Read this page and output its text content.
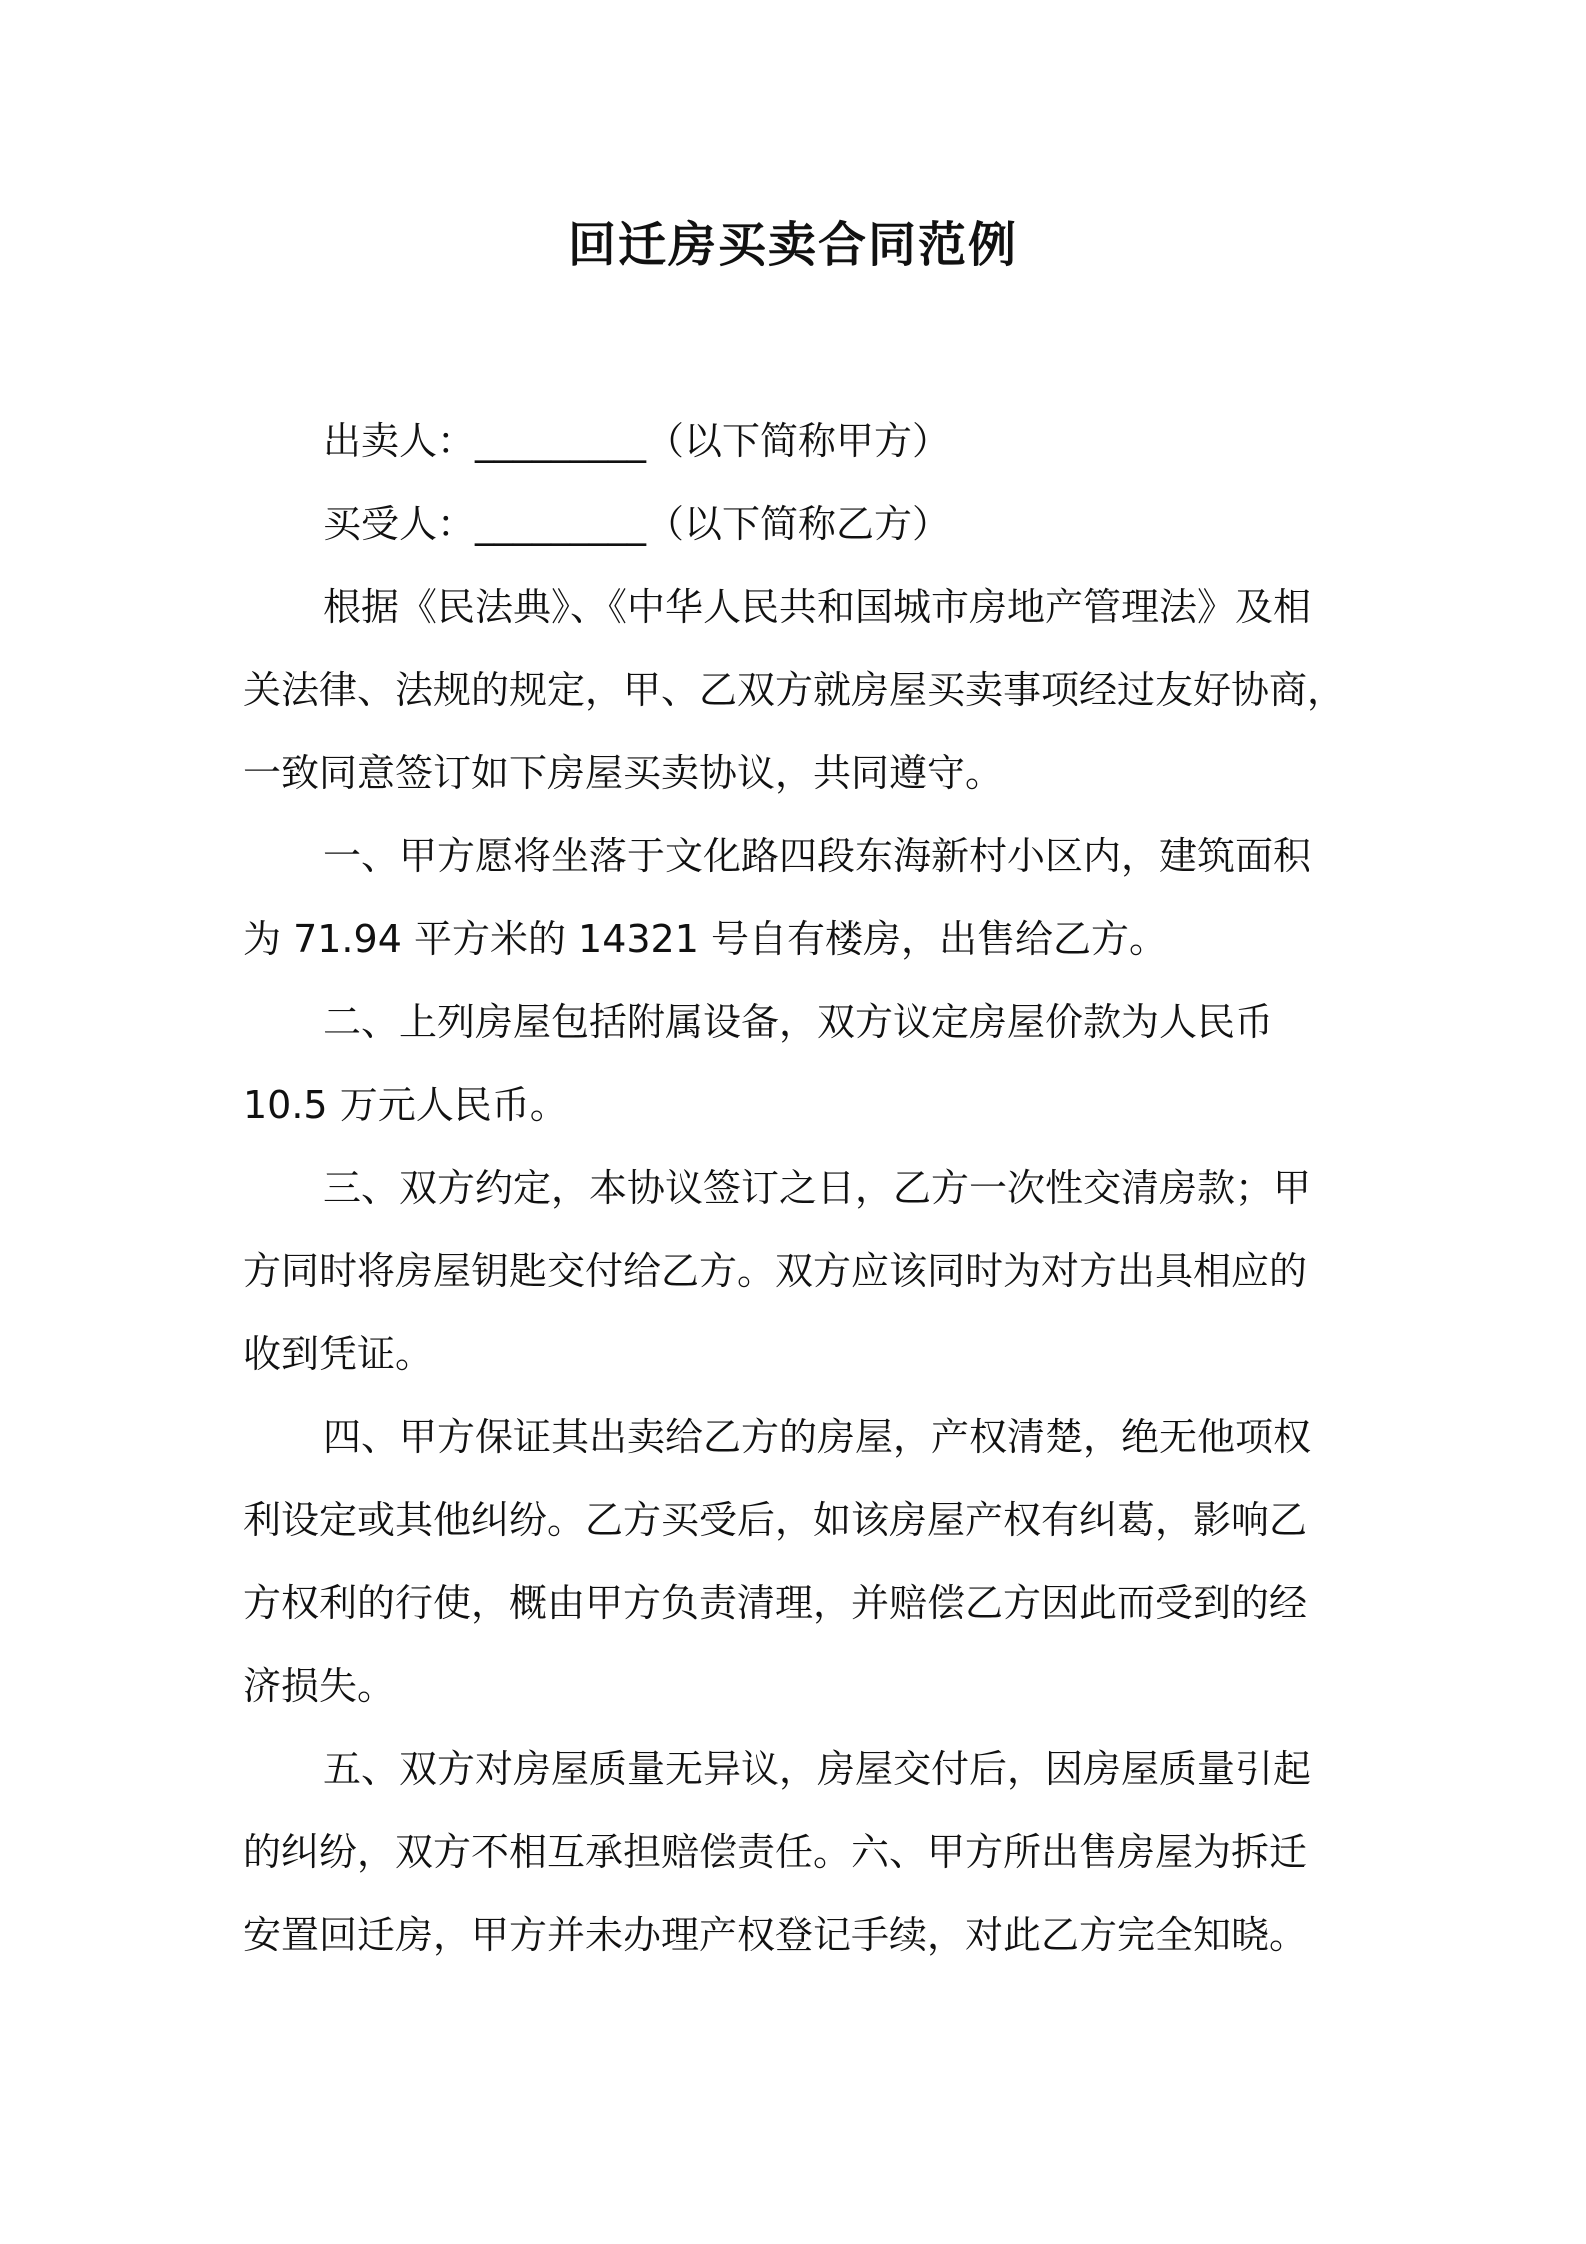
回迁房买卖合同范例
出卖人：_________（以下简称甲方）
买受人：_________（以下简称乙方）
根据《民法典》、《中华人民共和国城市房地产管理法》及相
关法律、法规的规定，甲、乙双方就房屋买卖事项经过友好协商，
一致同意签订如下房屋买卖协议，共同遵守。
一、甲方愿将坐落于文化路四段东海新村小区内，建筑面积
为 71.94 平方米的 14321 号自有楼房，出售给乙方。
二、上列房屋包括附属设备，双方议定房屋价款为人民币
10.5 万元人民币。
三、双方约定，本协议签订之日，乙方一次性交清房款；甲
方同时将房屋钥匙交付给乙方。双方应该同时为对方出具相应的
收到凭证。
四、甲方保证其出卖给乙方的房屋，产权清楚，绝无他项权
利设定或其他纠纷。乙方买受后，如该房屋产权有纠葛，影响乙
方权利的行使，概由甲方负责清理，并赔偿乙方因此而受到的经
济损失。
五、双方对房屋质量无异议，房屋交付后，因房屋质量引起
的纠纷，双方不相互承担赔偿责任。六、甲方所出售房屋为拆迁
安置回迁房，甲方并未办理产权登记手续，对此乙方完全知晓。
